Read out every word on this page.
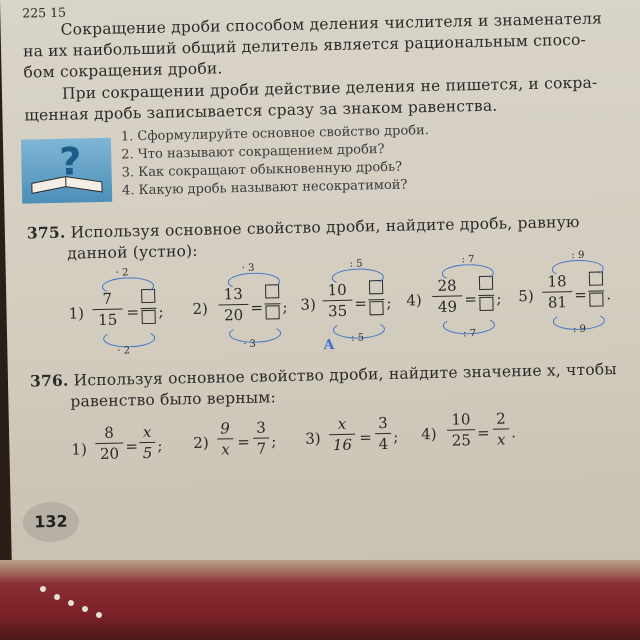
225 15
Сокращение дроби способом деления числителя и знаменателя
на их наибольший общий делитель является рациональным спосо-
бом сокращения дроби.
При сокращении дроби действие деления не пишется, и сокра-
щенная дробь записывается сразу за знаком равенства.
?
1. Сформулируйте основное свойство дроби.
2. Что называют сокращением дроби?
3. Как сокращают обыкновенную дробь?
4. Какую дробь называют несократимой?
375. Используя основное свойство дроби, найдите дробь, равную
данной (устно):
· 2
1)
7
15 = ;
· 2
· 3
2)
13
20 = ;
· 3
: 5
3)
10
35 = ;
А : 5
: 7
4)
28
49 = ;
: 7
: 9
5)
18
81 = .
: 9
376. Используя основное свойство дроби, найдите значение x, чтобы
равенство было верным:
1)
8
20 =
x
5 ; 2)
9
x =
3
7 ; 3)
x
16 =
3
4 ; 4)
10
25 =
2
x .
132
